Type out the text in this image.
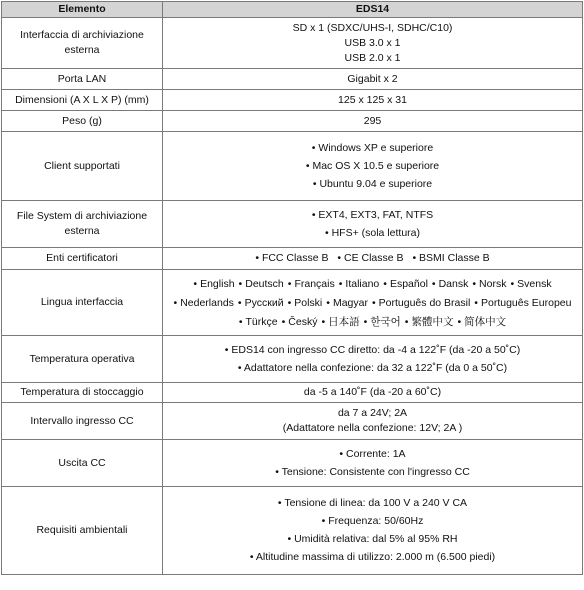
Elemento	EDS14
Interfaccia di archiviazione esterna	SD x 1 (SDXC/UHS-I, SDHC/C10)
USB 3.0 x 1
USB 2.0 x 1

Porta LAN	Gigabit x 2
Dimensioni (A X L X P) (mm)	125 x 125 x 31
Peso (g)	295
Client supportati	• Windows XP e superiore
• Mac OS X 10.5 e superiore
• Ubuntu 9.04 e superiore

File System di archiviazione esterna	• EXT4, EXT3, FAT, NTFS
• HFS+ (sola lettura)

Enti certificatori	• FCC Classe B • CE Classe B • BSMI Classe B
Lingua interfaccia	• English • Deutsch • Français • Italiano • Español • Dansk • Norsk • Svensk
• Nederlands • Русский • Polski • Magyar • Português do Brasil • Português Europeu
• Türkçe • Český • 日本語 • 한국어 • 繁體中文 • 简体中文

Temperatura operativa	• EDS14 con ingresso CC diretto: da -4 a 122˚F (da -20 a 50˚C)
• Adattatore nella confezione: da 32 a 122˚F (da 0 a 50˚C)

Temperatura di stoccaggio	da -5 a 140˚F (da -20 a 60˚C)
Intervallo ingresso CC	da 7 a 24V; 2A
(Adattatore nella confezione: 12V; 2A )

Uscita CC	• Corrente: 1A
• Tensione: Consistente con l'ingresso CC

Requisiti ambientali	• Tensione di linea: da 100 V a 240 V CA
• Frequenza: 50/60Hz
• Umidità relativa: dal 5% al 95% RH
• Altitudine massima di utilizzo: 2.000 m (6.500 piedi)
